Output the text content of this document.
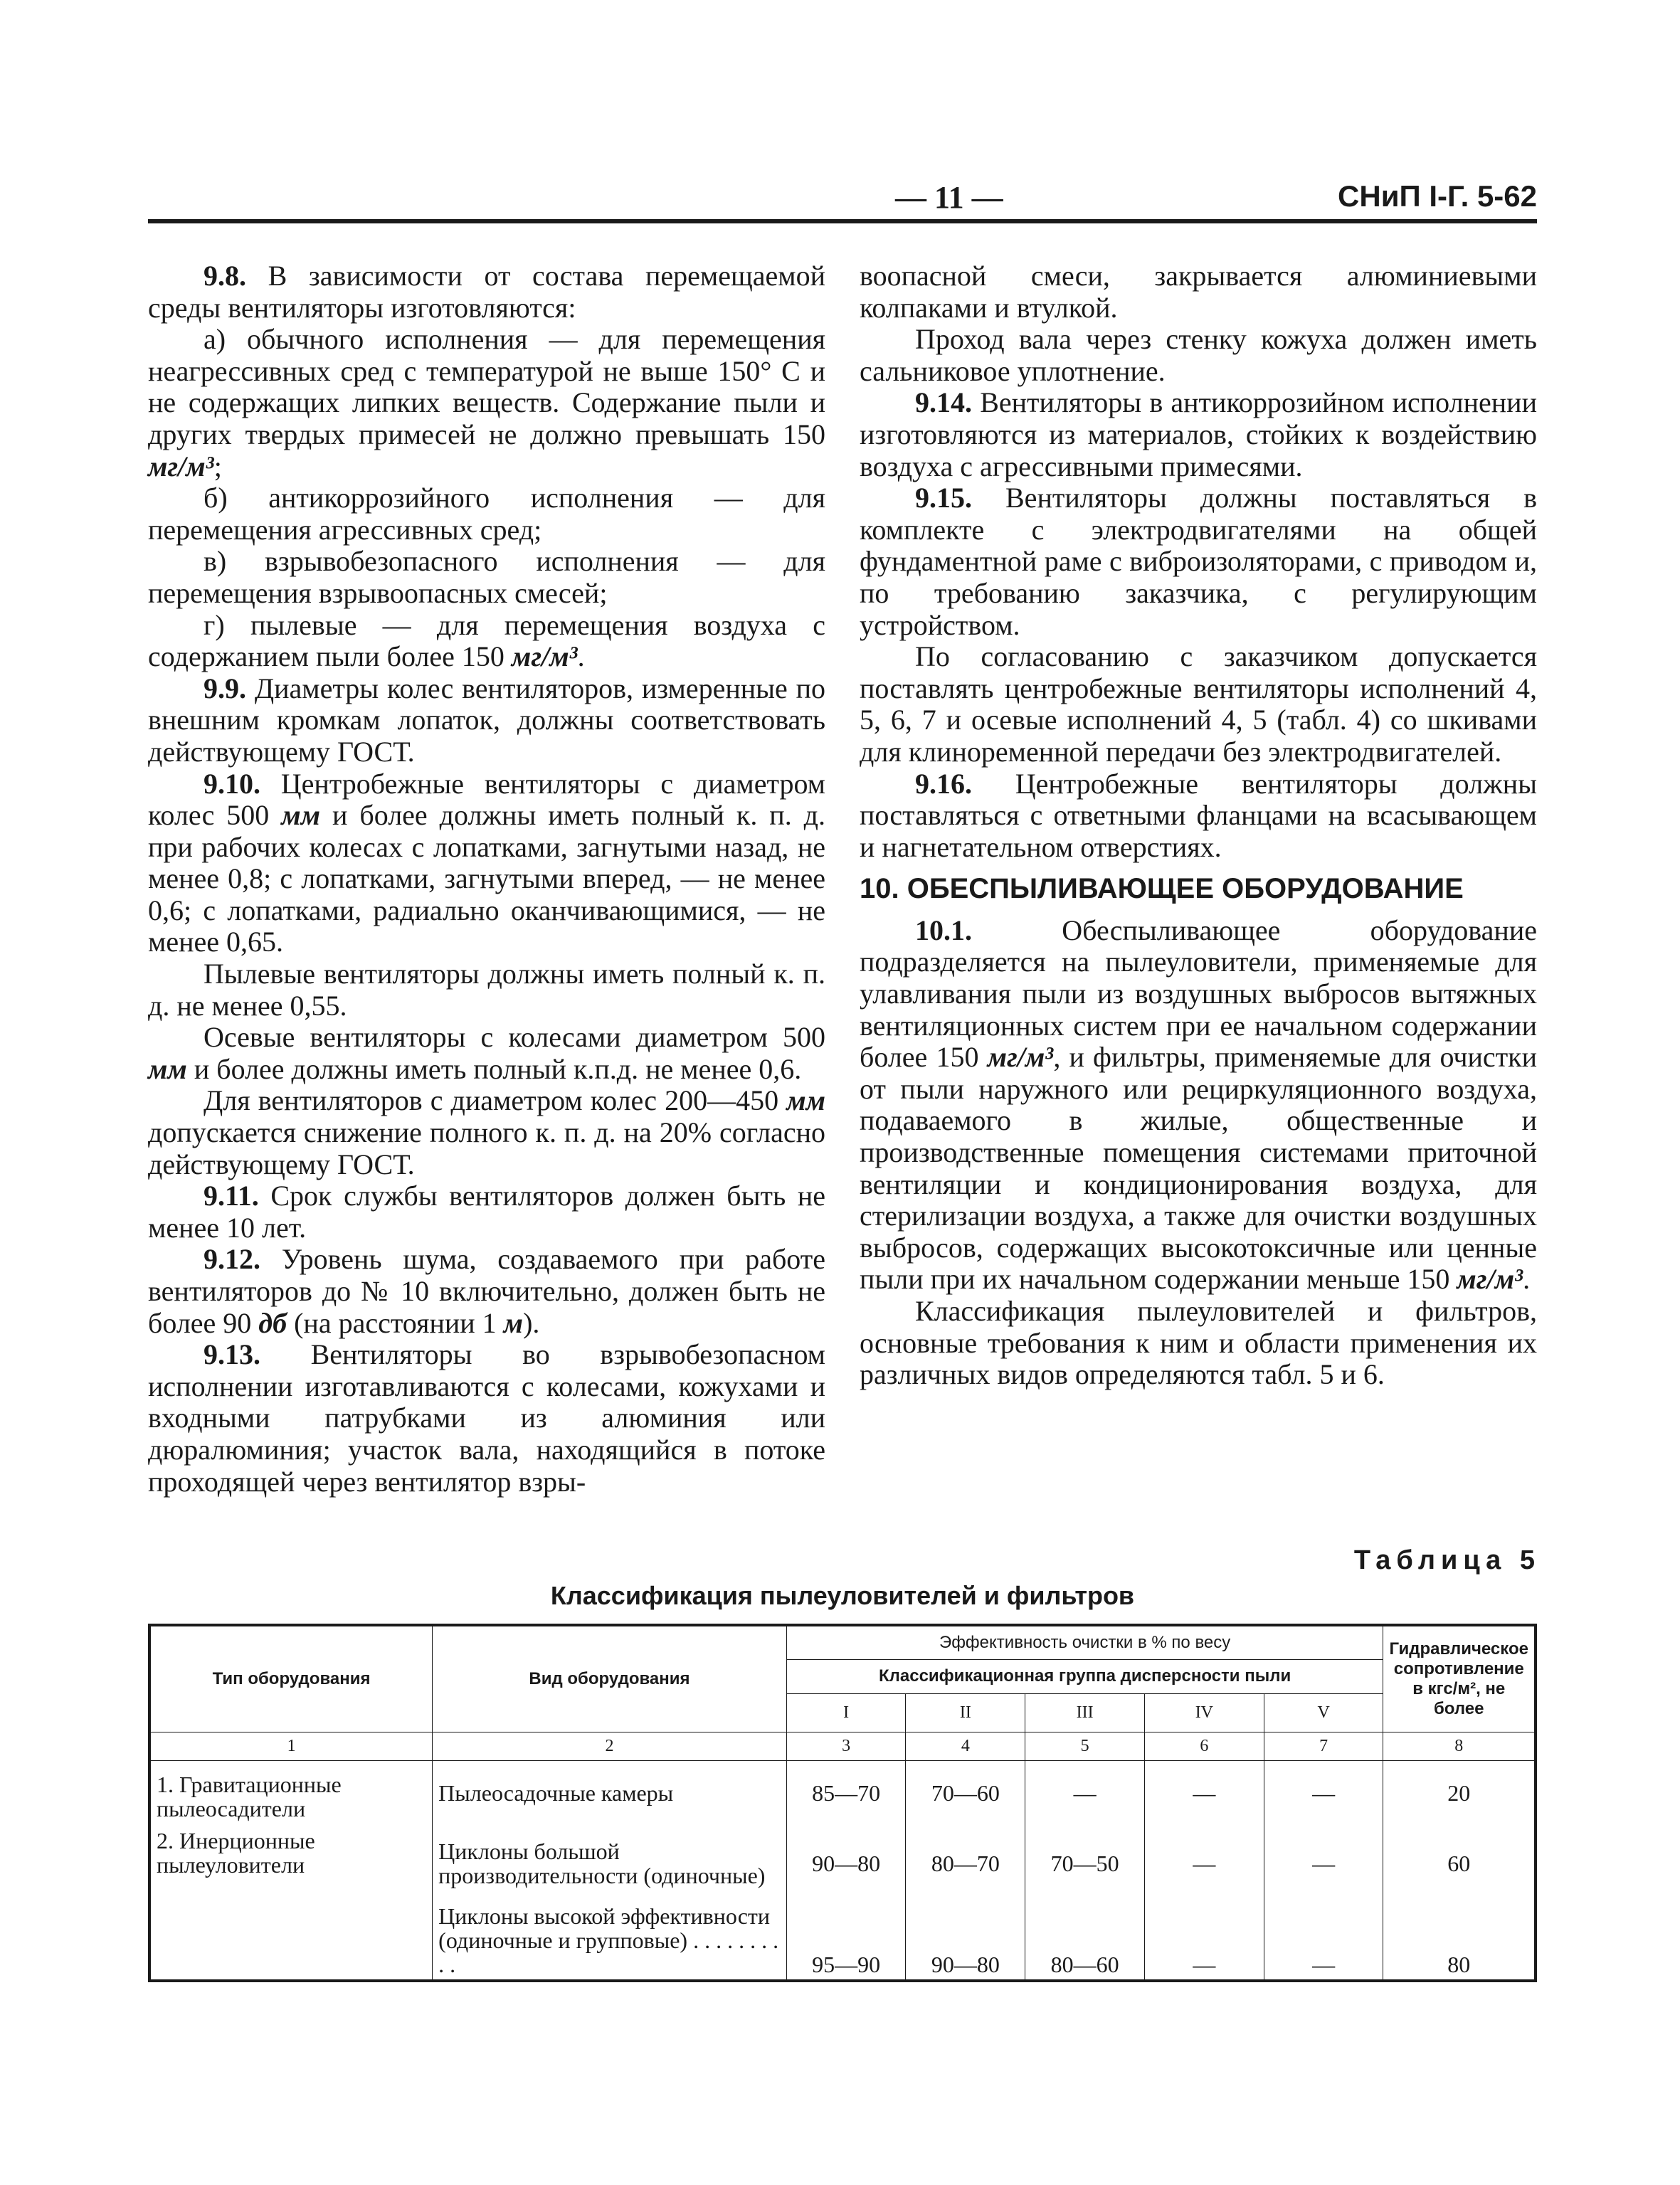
— 11 —	СНиП I-Г. 5-62

9.8. В зависимости от состава перемещаемой среды вентиляторы изготовляются:

а) обычного исполнения — для перемещения неагрессивных сред с температурой не выше 150° С и не содержащих липких веществ. Содержание пыли и других твердых примесей не должно превышать 150 мг/м³;

б) антикоррозийного исполнения — для перемещения агрессивных сред;

в) взрывобезопасного исполнения — для перемещения взрывоопасных смесей;

г) пылевые — для перемещения воздуха с содержанием пыли более 150 мг/м³.

9.9. Диаметры колес вентиляторов, измеренные по внешним кромкам лопаток, должны соответствовать действующему ГОСТ.

9.10. Центробежные вентиляторы с диаметром колес 500 мм и более должны иметь полный к. п. д. при рабочих колесах с лопатками, загнутыми назад, не менее 0,8; с лопатками, загнутыми вперед, — не менее 0,6; с лопатками, радиально оканчивающимися, — не менее 0,65.

Пылевые вентиляторы должны иметь полный к. п. д. не менее 0,55.

Осевые вентиляторы с колесами диаметром 500 мм и более должны иметь полный к.п.д. не менее 0,6.

Для вентиляторов с диаметром колес 200—450 мм допускается снижение полного к. п. д. на 20% согласно действующему ГОСТ.

9.11. Срок службы вентиляторов должен быть не менее 10 лет.

9.12. Уровень шума, создаваемого при работе вентиляторов до № 10 включительно, должен быть не более 90 дб (на расстоянии 1 м).

9.13. Вентиляторы во взрывобезопасном исполнении изготавливаются с колесами, кожухами и входными патрубками из алюминия или дюралюминия; участок вала, находящийся в потоке проходящей через вентилятор взры-

воопасной смеси, закрывается алюминиевыми колпаками и втулкой.

Проход вала через стенку кожуха должен иметь сальниковое уплотнение.

9.14. Вентиляторы в антикоррозийном исполнении изготовляются из материалов, стойких к воздействию воздуха с агрессивными примесями.

9.15. Вентиляторы должны поставляться в комплекте с электродвигателями на общей фундаментной раме с виброизоляторами, с приводом и, по требованию заказчика, с регулирующим устройством.

По согласованию с заказчиком допускается поставлять центробежные вентиляторы исполнений 4, 5, 6, 7 и осевые исполнений 4, 5 (табл. 4) со шкивами для клиноременной передачи без электродвигателей.

9.16. Центробежные вентиляторы должны поставляться с ответными фланцами на всасывающем и нагнетательном отверстиях.

10. ОБЕСПЫЛИВАЮЩЕЕ ОБОРУДОВАНИЕ

10.1. Обеспыливающее оборудование подразделяется на пылеуловители, применяемые для улавливания пыли из воздушных выбросов вытяжных вентиляционных систем при ее начальном содержании более 150 мг/м³, и фильтры, применяемые для очистки от пыли наружного или рециркуляционного воздуха, подаваемого в жилые, общественные и производственные помещения системами приточной вентиляции и кондиционирования воздуха, для стерилизации воздуха, а также для очистки воздушных выбросов, содержащих высокотоксичные или ценные пыли при их начальном содержании меньше 150 мг/м³.

Классификация пылеуловителей и фильтров, основные требования к ним и области применения их различных видов определяются табл. 5 и 6.

Таблица 5
Классификация пылеуловителей и фильтров
Тип оборудования	Вид оборудования	Эффективность очистки в % по весу					Гидравлическое сопротивление в кгс/м², не более
		Классификационная группа дисперсности пыли					
		I	II	III	IV	V	
1	2	3	4	5	6	7	8
1. Гравитационные пылеосадители	Пылеосадочные камеры	85—70	70—60	—	—	—	20
2. Инерционные пылеуловители	Циклоны большой производительности (одиночные)	90—80	80—70	70—50	—	—	60
	Циклоны высокой эффективности (одиночные и групповые) . . . . . . . . . .	95—90	90—80	80—60	—	—	80
